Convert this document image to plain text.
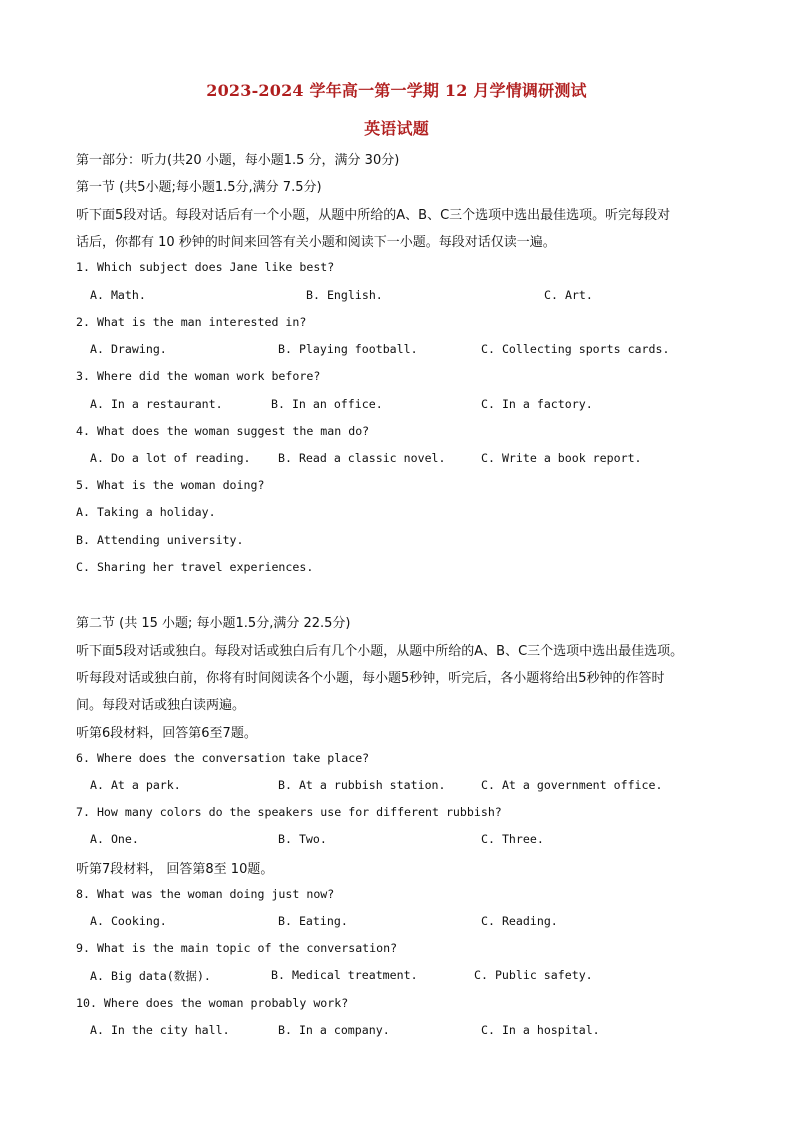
2023-2024 学年高一第一学期 12 月学情调研测试
英语试题
第一部分：听力(共20 小题，每小题1.5 分，满分 30分)
第一节 (共5小题;每小题1.5分,满分 7.5分)
听下面5段对话。每段对话后有一个小题，从题中所给的A、B、C三个选项中选出最佳选项。听完每段对
话后，你都有 10 秒钟的时间来回答有关小题和阅读下一小题。每段对话仅读一遍。
1. Which subject does Jane like best?
A. Math.	B. English.	C. Art.
2. What is the man interested in?
A. Drawing.	B. Playing football.	C. Collecting sports cards.
3. Where did the woman work before?
A. In a restaurant.	B. In an office.	C. In a factory.
4. What does the woman suggest the man do?
A. Do a lot of reading. B. Read a classic novel.	C. Write a book report.
5. What is the woman doing?
A. Taking a holiday.
B. Attending university.
C. Sharing her travel experiences.
第二节 (共 15 小题; 每小题1.5分,满分 22.5分)
听下面5段对话或独白。每段对话或独白后有几个小题，从题中所给的A、B、C三个选项中选出最佳选项。
听每段对话或独白前，你将有时间阅读各个小题，每小题5秒钟，听完后，各小题将给出5秒钟的作答时
间。每段对话或独白读两遍。
听第6段材料，回答第6至7题。
6. Where does the conversation take place?
A. At a park.	B. At a rubbish station.	C. At a government office.
7. How many colors do the speakers use for different rubbish?
A. One.	B. Two.	C. Three.
听第7段材料， 回答第8至 10题。
8. What was the woman doing just now?
A. Cooking.	B. Eating.	C. Reading.
9. What is the main topic of the conversation?
A. Big data(数据).	B. Medical treatment.	C. Public safety.
10. Where does the woman probably work?
A. In the city hall.	B. In a company.	C. In a hospital.
